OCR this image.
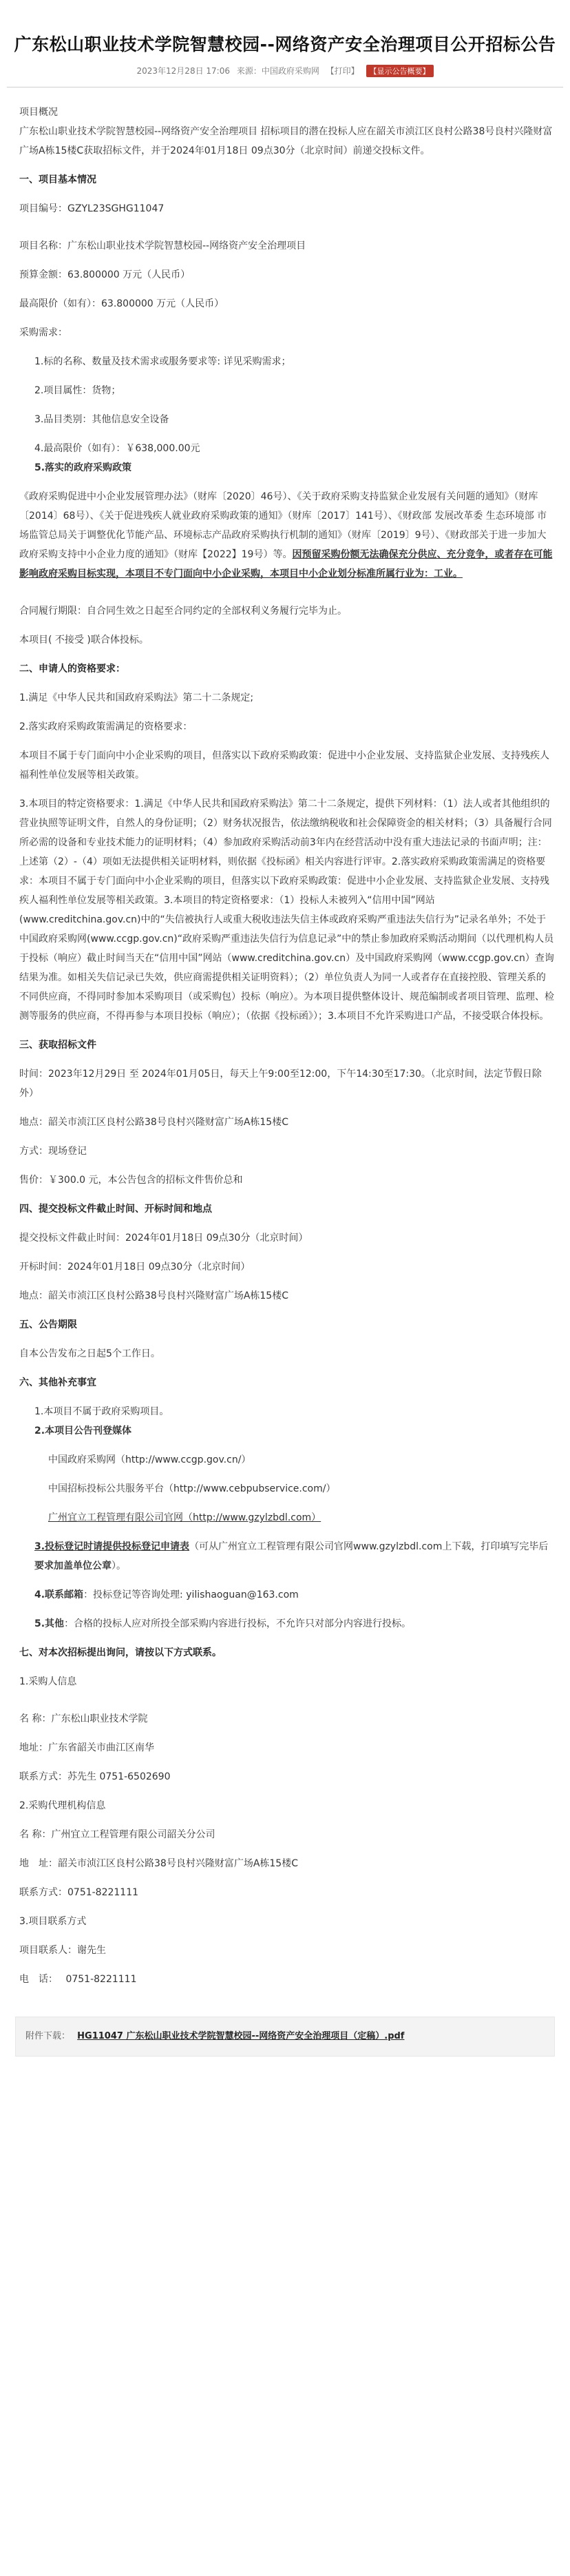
广东松山职业技术学院智慧校园--网络资产安全治理项目公开招标公告
2023年12月28日 17:06 来源：中国政府采购网 【打印】 【显示公告概要】

项目概况

广东松山职业技术学院智慧校园--网络资产安全治理项目 招标项目的潜在投标人应在韶关市浈江区良村公路38号良村兴隆财富广场A栋15楼C获取招标文件，并于2024年01月18日 09点30分（北京时间）前递交投标文件。

一、项目基本情况

项目编号：GZYL23SGHG11047

项目名称：广东松山职业技术学院智慧校园--网络资产安全治理项目

预算金额：63.800000 万元（人民币）

最高限价（如有）：63.800000 万元（人民币）

采购需求：

1.标的名称、数量及技术需求或服务要求等: 详见采购需求；

2.项目属性：货物；

3.品目类别：其他信息安全设备

4.最高限价（如有）：￥638,000.00元

5.落实的政府采购政策

《政府采购促进中小企业发展管理办法》（财库〔2020〕46号）、《关于政府采购支持监狱企业发展有关问题的通知》（财库〔2014〕68号）、《关于促进残疾人就业政府采购政策的通知》（财库〔2017〕141号）、《财政部 发展改革委 生态环境部 市场监管总局关于调整优化节能产品、环境标志产品政府采购执行机制的通知》（财库〔2019〕9号）、《财政部关于进一步加大政府采购支持中小企业力度的通知》（财库【2022】19号）等。因预留采购份额无法确保充分供应、充分竞争，或者存在可能影响政府采购目标实现，本项目不专门面向中小企业采购，本项目中小企业划分标准所属行业为：工业。

合同履行期限：自合同生效之日起至合同约定的全部权利义务履行完毕为止。

本项目( 不接受 )联合体投标。

二、申请人的资格要求：

1.满足《中华人民共和国政府采购法》第二十二条规定;

2.落实政府采购政策需满足的资格要求：

本项目不属于专门面向中小企业采购的项目，但落实以下政府采购政策：促进中小企业发展、支持监狱企业发展、支持残疾人福利性单位发展等相关政策。

3.本项目的特定资格要求：1.满足《中华人民共和国政府采购法》第二十二条规定，提供下列材料：（1）法人或者其他组织的营业执照等证明文件，自然人的身份证明；（2）财务状况报告，依法缴纳税收和社会保障资金的相关材料；（3）具备履行合同所必需的设备和专业技术能力的证明材料；（4）参加政府采购活动前3年内在经营活动中没有重大违法记录的书面声明；注：上述第（2）-（4）项如无法提供相关证明材料，则依据《投标函》相关内容进行评审。2.落实政府采购政策需满足的资格要求：本项目不属于专门面向中小企业采购的项目，但落实以下政府采购政策：促进中小企业发展、支持监狱企业发展、支持残疾人福利性单位发展等相关政策。3.本项目的特定资格要求：（1）投标人未被列入“信用中国”网站(www.creditchina.gov.cn)中的“失信被执行人或重大税收违法失信主体或政府采购严重违法失信行为”记录名单外；不处于中国政府采购网(www.ccgp.gov.cn)“政府采购严重违法失信行为信息记录”中的禁止参加政府采购活动期间（以代理机构人员于投标（响应）截止时间当天在“信用中国”网站（www.creditchina.gov.cn）及中国政府采购网（www.ccgp.gov.cn）查询结果为准。如相关失信记录已失效，供应商需提供相关证明资料）；（2）单位负责人为同一人或者存在直接控股、管理关系的不同供应商，不得同时参加本采购项目（或采购包）投标（响应）。为本项目提供整体设计、规范编制或者项目管理、监理、检测等服务的供应商，不得再参与本项目投标（响应）；（依据《投标函》）；3.本项目不允许采购进口产品，不接受联合体投标。

三、获取招标文件

时间：2023年12月29日 至 2024年01月05日，每天上午9:00至12:00，下午14:30至17:30。（北京时间，法定节假日除外）

地点：韶关市浈江区良村公路38号良村兴隆财富广场A栋15楼C

方式：现场登记

售价：￥300.0 元，本公告包含的招标文件售价总和

四、提交投标文件截止时间、开标时间和地点

提交投标文件截止时间：2024年01月18日 09点30分（北京时间）

开标时间：2024年01月18日 09点30分（北京时间）

地点：韶关市浈江区良村公路38号良村兴隆财富广场A栋15楼C

五、公告期限

自本公告发布之日起5个工作日。

六、其他补充事宜

1.本项目不属于政府采购项目。

2.本项目公告刊登媒体

中国政府采购网（http://www.ccgp.gov.cn/）

中国招标投标公共服务平台（http://www.cebpubservice.com/）

广州宜立工程管理有限公司官网（http://www.gzylzbdl.com）

3.投标登记时请提供投标登记申请表（可从广州宜立工程管理有限公司官网www.gzylzbdl.com上下载，打印填写完毕后要求加盖单位公章）。

4.联系邮箱：投标登记等咨询处理: yilishaoguan@163.com

5.其他：合格的投标人应对所投全部采购内容进行投标，不允许只对部分内容进行投标。

七、对本次招标提出询问，请按以下方式联系。

1.采购人信息

名 称：广东松山职业技术学院

地址：广东省韶关市曲江区南华

联系方式：苏先生 0751-6502690

2.采购代理机构信息

名 称：广州宜立工程管理有限公司韶关分公司

地　址：韶关市浈江区良村公路38号良村兴隆财富广场A栋15楼C

联系方式：0751-8221111

3.项目联系方式

项目联系人：谢先生

电　话：　 0751-8221111

附件下载： HG11047 广东松山职业技术学院智慧校园--网络资产安全治理项目（定稿）.pdf
